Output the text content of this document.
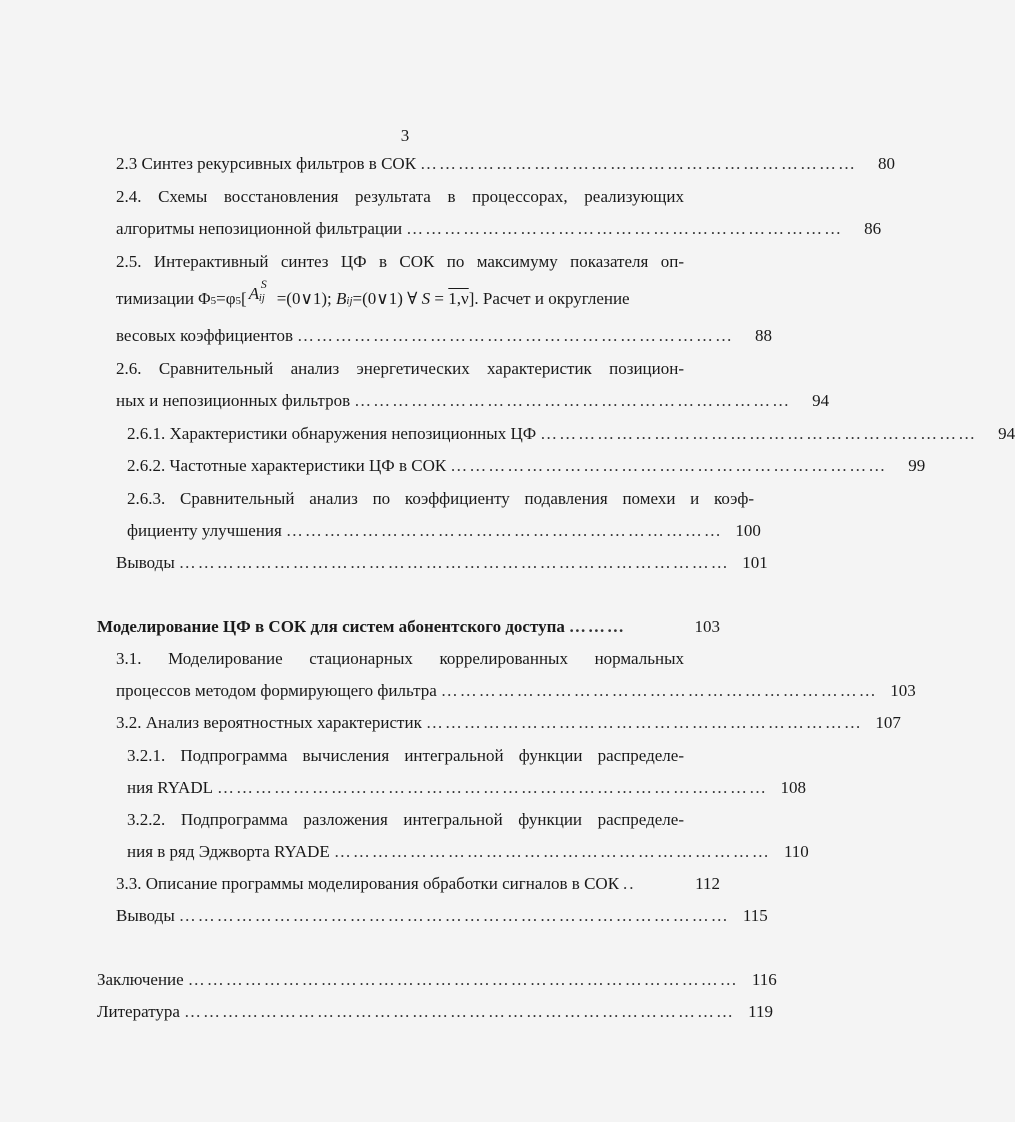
3
2.3 Синтез рекурсивных фильтров в СОК ……………………………………………………………	80
2.4. Схемы восстановления результата в процессорах, реализующих
алгоритмы непозиционной фильтрации ……………………………………………………………	86
2.5. Интерактивный синтез ЦФ в СОК по максимуму показателя оп-
тимизации Φ5=φ5[ A S
ij =(0∨1); Bij=(0∨1) ∀ S = 1,ν]. Расчет и округление
весовых коэффициентов ……………………………………………………………	88
2.6. Сравнительный анализ энергетических характеристик позицион-
ных и непозиционных фильтров ……………………………………………………………	94
2.6.1. Характеристики обнаружения непозиционных ЦФ ……………………………………………………………	94
2.6.2. Частотные характеристики ЦФ в СОК ……………………………………………………………	99
2.6.3. Сравнительный анализ по коэффициенту подавления помехи и коэф-
фициенту улучшения …………………………………………………………… 100
Выводы …………………………………………………………………………… 101
Моделирование ЦФ в СОК для систем абонентского доступа ………	103
3.1. Моделирование стационарных коррелированных нормальных
процессов методом формирующего фильтра …………………………………………………………… 103
3.2. Анализ вероятностных характеристик …………………………………………………………… 107
3.2.1. Подпрограмма вычисления интегральной функции распределе-
ния RYADL …………………………………………………………………………… 108
3.2.2. Подпрограмма разложения интегральной функции распределе-
ния в ряд Эджворта RYADE …………………………………………………………… 110
3.3. Описание программы моделирования обработки сигналов в СОК ..	112
Выводы …………………………………………………………………………… 115
Заключение …………………………………………………………………………… 116
Литература …………………………………………………………………………… 119
